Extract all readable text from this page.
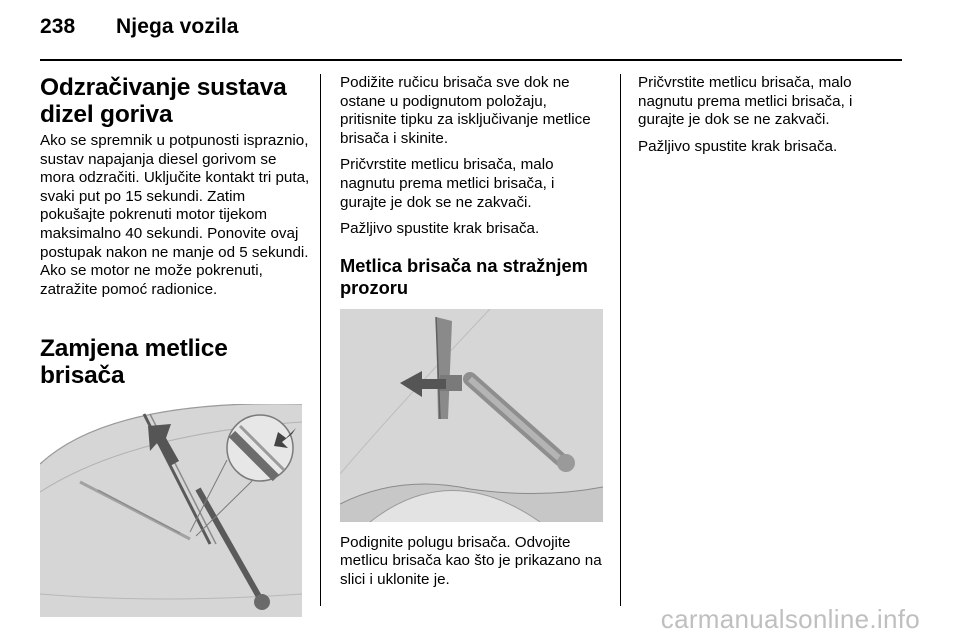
238 Njega vozila
Odzračivanje sustava dizel goriva

Ako se spremnik u potpunosti ispraznio, sustav napajanja diesel gorivom se mora odzračiti. Uključite kontakt tri puta, svaki put po 15 sekundi. Zatim pokušajte pokrenuti motor tijekom maksimalno 40 sekundi. Ponovite ovaj postupak nakon ne manje od 5 sekundi. Ako se motor ne može pokrenuti, zatražite pomoć radionice.

Zamjena metlice brisača

Podižite ručicu brisača sve dok ne ostane u podignutom položaju, pritisnite tipku za isključivanje metlice brisača i skinite.

Pričvrstite metlicu brisača, malo nagnutu prema metlici brisača, i gurajte je dok se ne zakvači.

Pažljivo spustite krak brisača.

Metlica brisača na stražnjem prozoru

Podignite polugu brisača. Odvojite metlicu brisača kao što je prikazano na slici i uklonite je.

Pričvrstite metlicu brisača, malo nagnutu prema metlici brisača, i gurajte je dok se ne zakvači.

Pažljivo spustite krak brisača.

carmanualsonline.info
